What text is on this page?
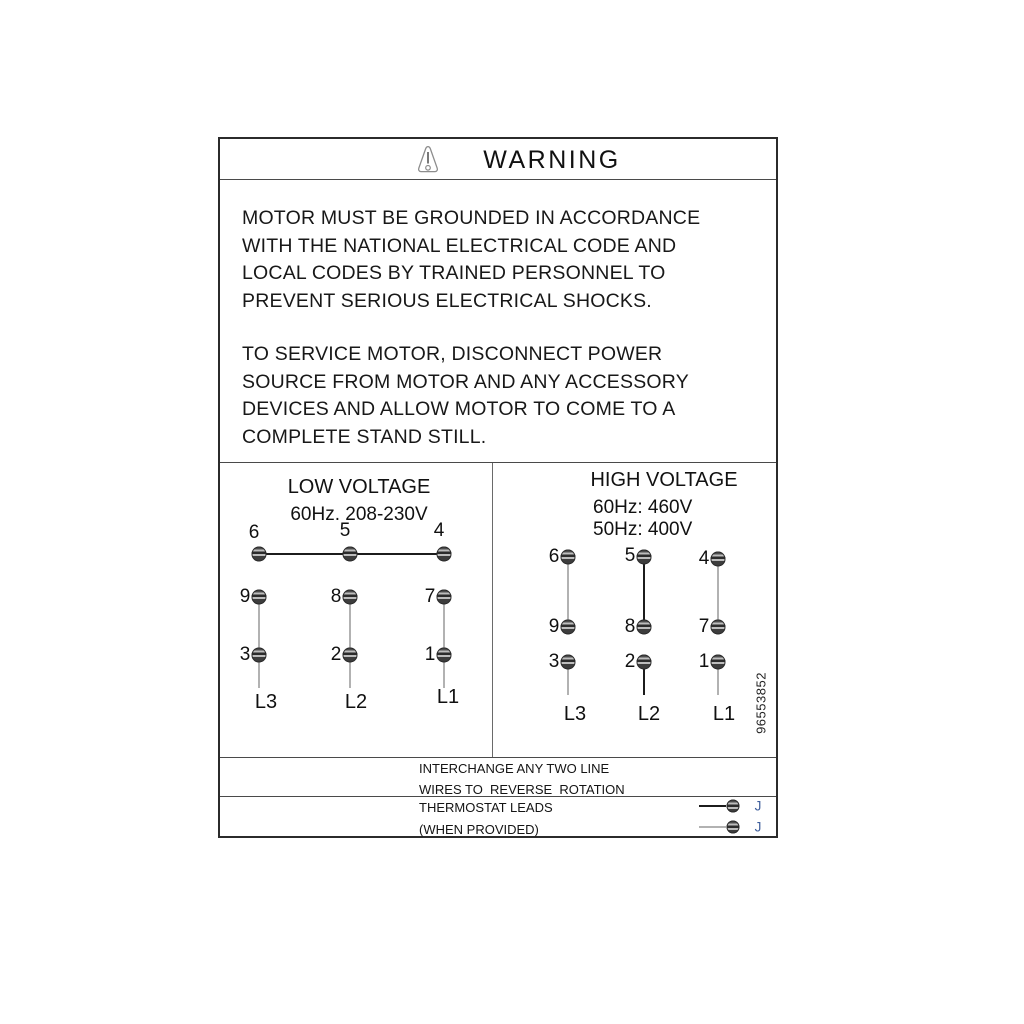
WARNING
MOTOR MUST BE GROUNDED IN ACCORDANCE
WITH THE NATIONAL ELECTRICAL CODE AND
LOCAL CODES BY TRAINED PERSONNEL TO
PREVENT SERIOUS ELECTRICAL SHOCKS.
TO SERVICE MOTOR, DISCONNECT POWER
SOURCE FROM MOTOR AND ANY ACCESSORY
DEVICES AND ALLOW MOTOR TO COME TO A
COMPLETE STAND STILL.
LOW VOLTAGE
60Hz. 208-230V
6	5	4
9	8	7
3	2	1
L3	L2	L1
HIGH VOLTAGE
60Hz: 460V
50Hz: 400V
6	5	4
9	8	7
3	2	1
L3	L2	L1 96553852
INTERCHANGE ANY TWO LINE
WIRES TO  REVERSE  ROTATION
THERMOSTAT LEADS
(WHEN PROVIDED)
J
J
